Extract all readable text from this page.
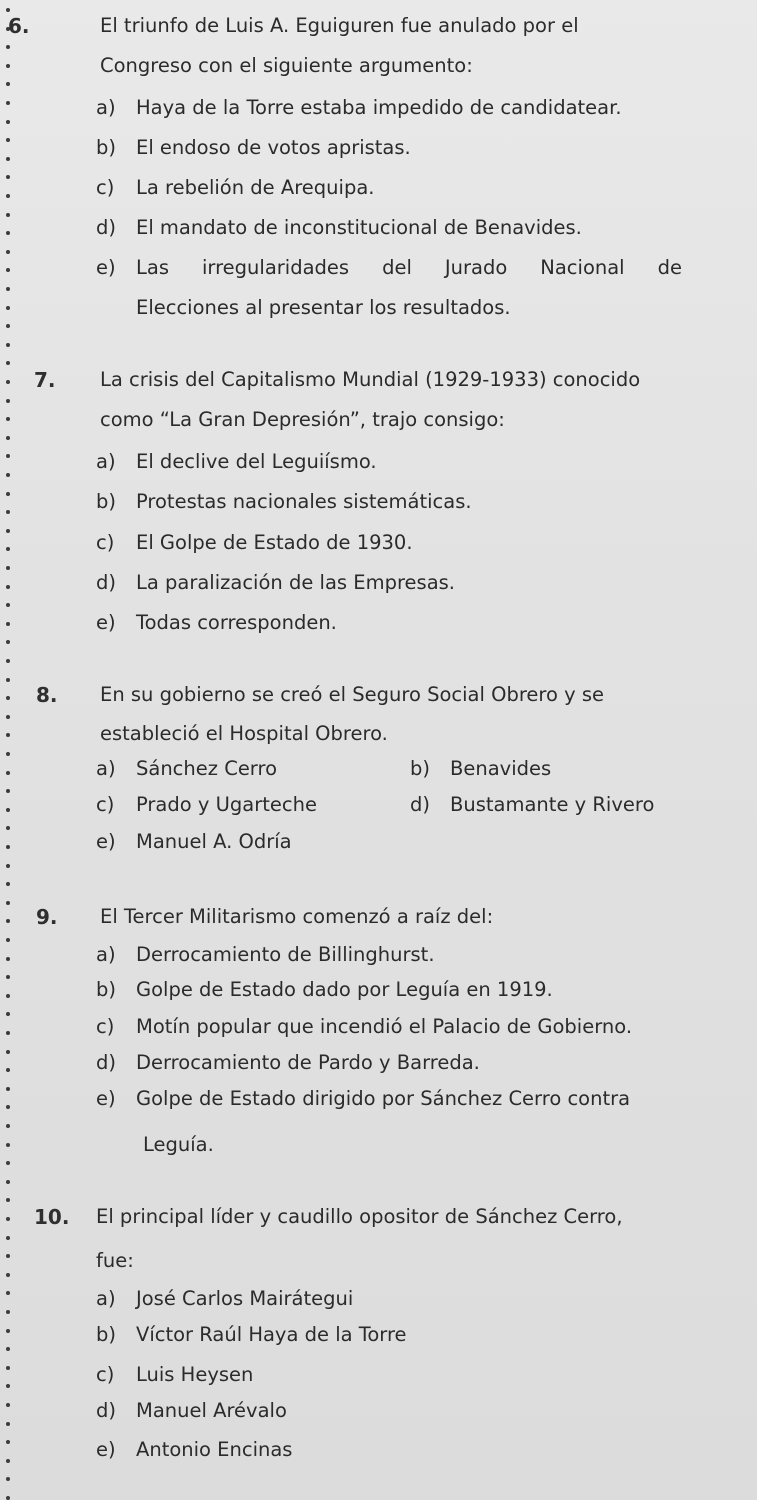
6.	El triunfo de Luis A. Eguiguren fue anulado por el
Congreso con el siguiente argumento:
a) Haya de la Torre estaba impedido de candidatear.
b) El endoso de votos apristas.
c) La rebelión de Arequipa.
d) El mandato de inconstitucional de Benavides.
e)	Las irregularidades del Jurado Nacional de
Elecciones al presentar los resultados.
7. La crisis del Capitalismo Mundial (1929-1933) conocido
como “La Gran Depresión”, trajo consigo:
a) El declive del Leguiísmo.
b) Protestas nacionales sistemáticas.
c) El Golpe de Estado de 1930.
d) La paralización de las Empresas.
e) Todas corresponden.
8. En su gobierno se creó el Seguro Social Obrero y se
estableció el Hospital Obrero.
a) Sánchez Cerro	b) Benavides
c) Prado y Ugarteche	d) Bustamante y Rivero
e) Manuel A. Odría
9. El Tercer Militarismo comenzó a raíz del:
a) Derrocamiento de Billinghurst.
b) Golpe de Estado dado por Leguía en 1919.
c) Motín popular que incendió el Palacio de Gobierno.
d) Derrocamiento de Pardo y Barreda.
e) Golpe de Estado dirigido por Sánchez Cerro contra
Leguía.
10. El principal líder y caudillo opositor de Sánchez Cerro,
fue:
a) José Carlos Mairátegui
b) Víctor Raúl Haya de la Torre
c) Luis Heysen
d) Manuel Arévalo
e) Antonio Encinas
